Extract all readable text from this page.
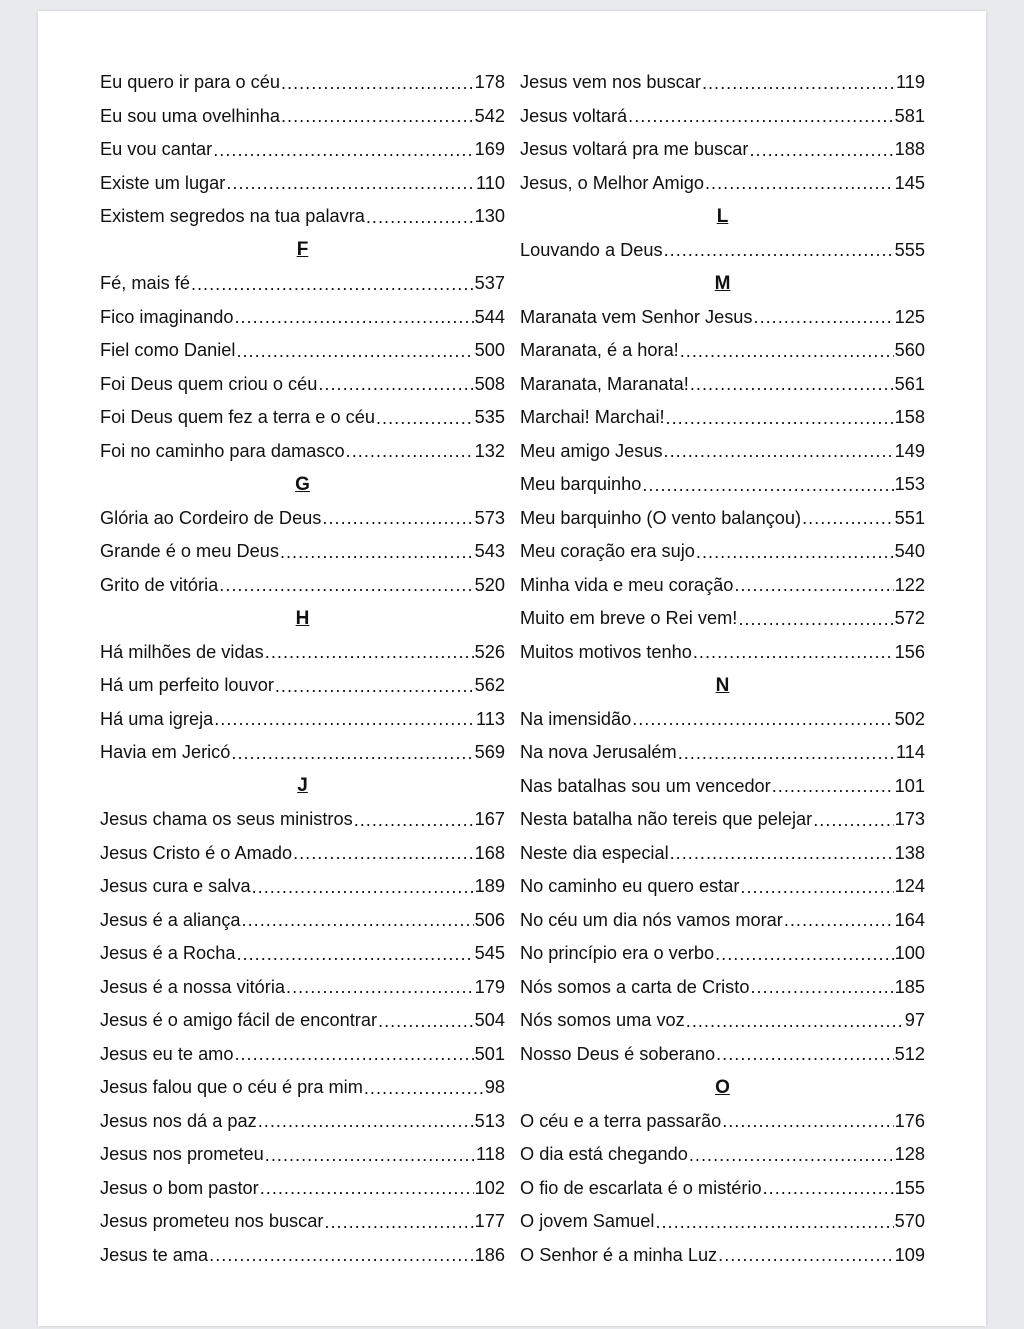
Eu quero ir para o céu .....	178
Eu sou uma ovelhinha .....	542
Eu vou cantar .....	169
Existe um lugar .....	110
Existem segredos na tua palavra .....	130
F
Fé, mais fé .....	537
Fico imaginando .....	544
Fiel como Daniel .....	500
Foi Deus quem criou o céu .....	508
Foi Deus quem fez a terra e o céu .....	535
Foi no caminho para damasco .....	132
G
Glória ao Cordeiro de Deus .....	573
Grande é o meu Deus .....	543
Grito de vitória .....	520
H
Há milhões de vidas .....	526
Há um perfeito louvor .....	562
Há uma igreja .....	113
Havia em Jericó .....	569
J
Jesus chama os seus ministros .....	167
Jesus Cristo é o Amado .....	168
Jesus cura e salva .....	189
Jesus é a aliança .....	506
Jesus é a Rocha .....	545
Jesus é a nossa vitória .....	179
Jesus é o amigo fácil de encontrar .....	504
Jesus eu te amo .....	501
Jesus falou que o céu é pra mim .....	98
Jesus nos dá a paz .....	513
Jesus nos prometeu .....	118
Jesus o bom pastor .....	102
Jesus prometeu nos buscar .....	177
Jesus te ama .....	186
Jesus vem nos buscar .....	119
Jesus voltará .....	581
Jesus voltará pra me buscar .....	188
Jesus, o Melhor Amigo .....	145
L
Louvando a Deus .....	555
M
Maranata vem Senhor Jesus .....	125
Maranata, é a hora! .....	560
Maranata, Maranata! .....	561
Marchai! Marchai! .....	158
Meu amigo Jesus .....	149
Meu barquinho .....	153
Meu barquinho (O vento balançou) .....	551
Meu coração era sujo .....	540
Minha vida e meu coração .....	122
Muito em breve o Rei vem! .....	572
Muitos motivos tenho .....	156
N
Na imensidão .....	502
Na nova Jerusalém .....	114
Nas batalhas sou um vencedor .....	101
Nesta batalha não tereis que pelejar .....	173
Neste dia especial .....	138
No caminho eu quero estar .....	124
No céu um dia nós vamos morar .....	164
No princípio era o verbo .....	100
Nós somos a carta de Cristo .....	185
Nós somos uma voz .....	97
Nosso Deus é soberano .....	512
O
O céu e a terra passarão .....	176
O dia está chegando .....	128
O fio de escarlata é o mistério .....	155
O jovem Samuel .....	570
O Senhor é a minha Luz .....	109
